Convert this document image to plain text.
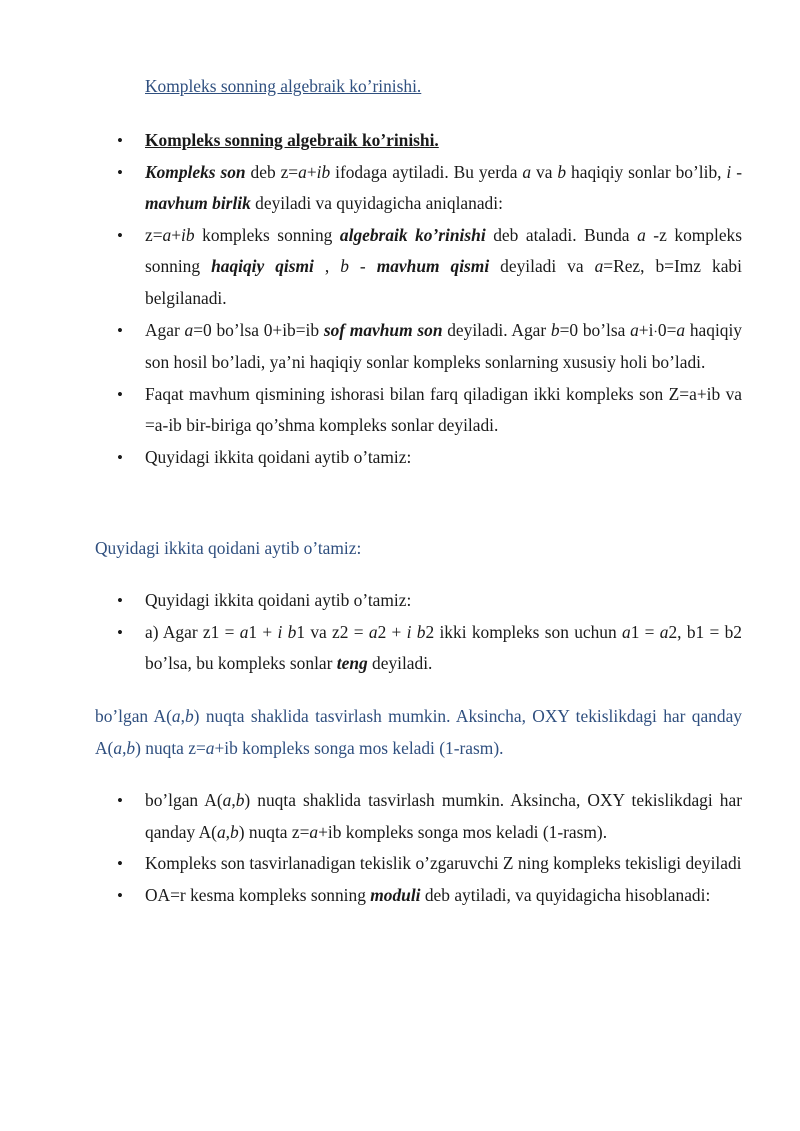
Kompleks sonning algebraik ko’rinishi.
• Kompleks sonning algebraik ko’rinishi.
• Kompleks son deb z=a+ib ifodaga aytiladi. Bu yerda a va b haqiqiy sonlar bo’lib, i - mavhum birlik deyiladi va quyidagicha aniqlanadi:
• z=a+ib kompleks sonning algebraik ko’rinishi deb ataladi. Bunda a -z kompleks sonning haqiqiy qismi , b - mavhum qismi deyiladi va a=Rez, b=Imz kabi belgilanadi.
• Agar a=0 bo’lsa 0+ib=ib sof mavhum son deyiladi. Agar b=0 bo’lsa a+i⋅0=a haqiqiy son hosil bo’ladi, ya’ni haqiqiy sonlar kompleks sonlarning xususiy holi bo’ladi.
• Faqat mavhum qismining ishorasi bilan farq qiladigan ikki kompleks son Z=a+ib va =a-ib bir-biriga qo’shma kompleks sonlar deyiladi.
• Quyidagi ikkita qoidani aytib o’tamiz:
Quyidagi ikkita qoidani aytib o’tamiz:
• Quyidagi ikkita qoidani aytib o’tamiz:
• a) Agar z1 = a1 + i b1 va z2 = a2 + i b2 ikki kompleks son uchun a1 = a2, b1 = b2 bo’lsa, bu kompleks sonlar teng deyiladi.
bo’lgan A(a,b) nuqta shaklida tasvirlash mumkin. Aksincha, OXY tekislikdagi har qanday A(a,b) nuqta z=a+ib kompleks songa mos keladi (1-rasm).
• bo’lgan A(a,b) nuqta shaklida tasvirlash mumkin. Aksincha, OXY tekislikdagi har qanday A(a,b) nuqta z=a+ib kompleks songa mos keladi (1-rasm).
• Kompleks son tasvirlanadigan tekislik o’zgaruvchi Z ning kompleks tekisligi deyiladi
• OA=r kesma kompleks sonning moduli deb aytiladi, va quyidagicha hisoblanadi:
